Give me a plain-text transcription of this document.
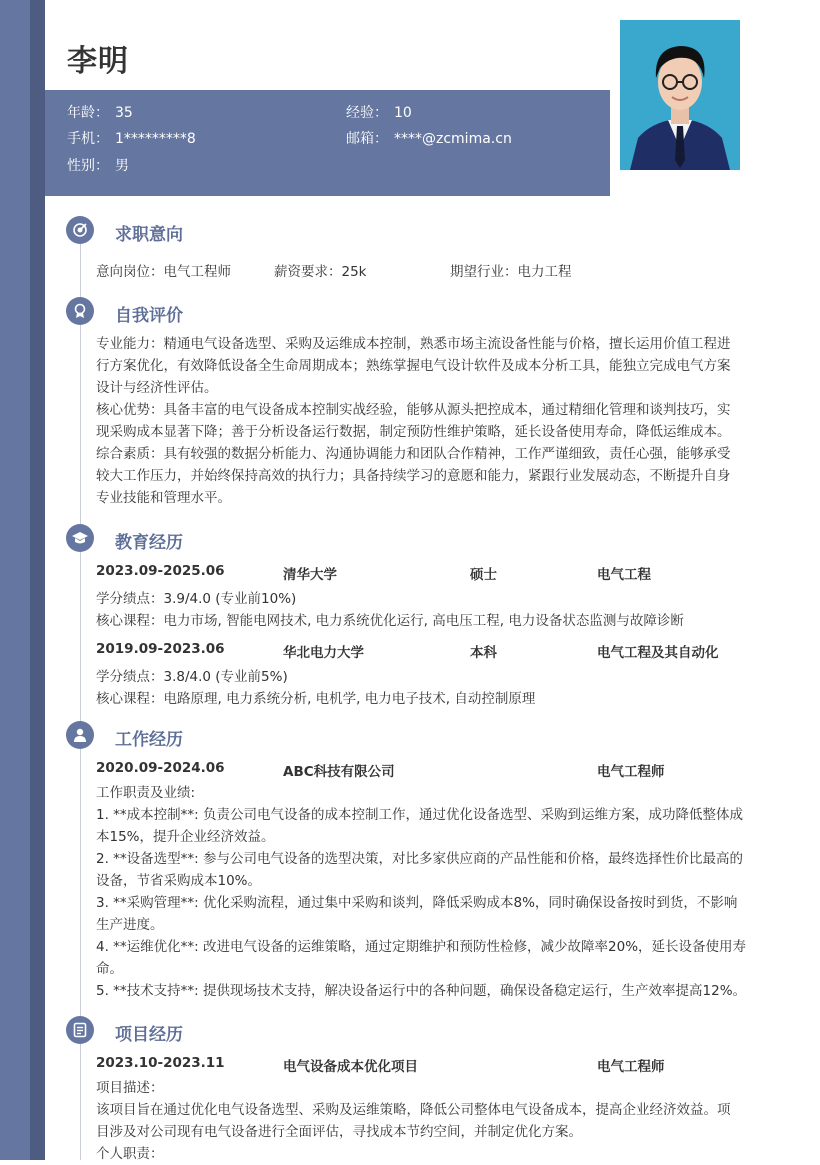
李明
年龄： 35	经验： 10
手机： 1*********8	邮箱： ****@zcmima.cn
性别： 男
求职意向
意向岗位：电气工程师	薪资要求：25k	期望行业：电力工程
自我评价
专业能力：精通电气设备选型、采购及运维成本控制，熟悉市场主流设备性能与价格，擅长运用价值工程进
行方案优化，有效降低设备全生命周期成本；熟练掌握电气设计软件及成本分析工具，能独立完成电气方案
设计与经济性评估。
核心优势：具备丰富的电气设备成本控制实战经验，能够从源头把控成本，通过精细化管理和谈判技巧，实
现采购成本显著下降；善于分析设备运行数据，制定预防性维护策略，延长设备使用寿命，降低运维成本。
综合素质：具有较强的数据分析能力、沟通协调能力和团队合作精神，工作严谨细致，责任心强，能够承受
较大工作压力，并始终保持高效的执行力；具备持续学习的意愿和能力，紧跟行业发展动态，不断提升自身
专业技能和管理水平。
教育经历
2023.09-2025.06	清华大学	硕士	电气工程
学分绩点：3.9/4.0 (专业前10%)
核心课程：电力市场, 智能电网技术, 电力系统优化运行, 高电压工程, 电力设备状态监测与故障诊断
2019.09-2023.06	华北电力大学	本科	电气工程及其自动化
学分绩点：3.8/4.0 (专业前5%)
核心课程：电路原理, 电力系统分析, 电机学, 电力电子技术, 自动控制原理
工作经历
2020.09-2024.06	ABC科技有限公司	电气工程师
工作职责及业绩:
1. **成本控制**: 负责公司电气设备的成本控制工作，通过优化设备选型、采购到运维方案，成功降低整体成
本15%，提升企业经济效益。
2. **设备选型**: 参与公司电气设备的选型决策，对比多家供应商的产品性能和价格，最终选择性价比最高的
设备，节省采购成本10%。
3. **采购管理**: 优化采购流程，通过集中采购和谈判，降低采购成本8%，同时确保设备按时到货，不影响
生产进度。
4. **运维优化**: 改进电气设备的运维策略，通过定期维护和预防性检修，减少故障率20%，延长设备使用寿
命。
5. **技术支持**: 提供现场技术支持，解决设备运行中的各种问题，确保设备稳定运行，生产效率提高12%。
项目经历
2023.10-2023.11	电气设备成本优化项目	电气工程师
项目描述：
该项目旨在通过优化电气设备选型、采购及运维策略，降低公司整体电气设备成本，提高企业经济效益。项
目涉及对公司现有电气设备进行全面评估，寻找成本节约空间，并制定优化方案。
个人职责：
